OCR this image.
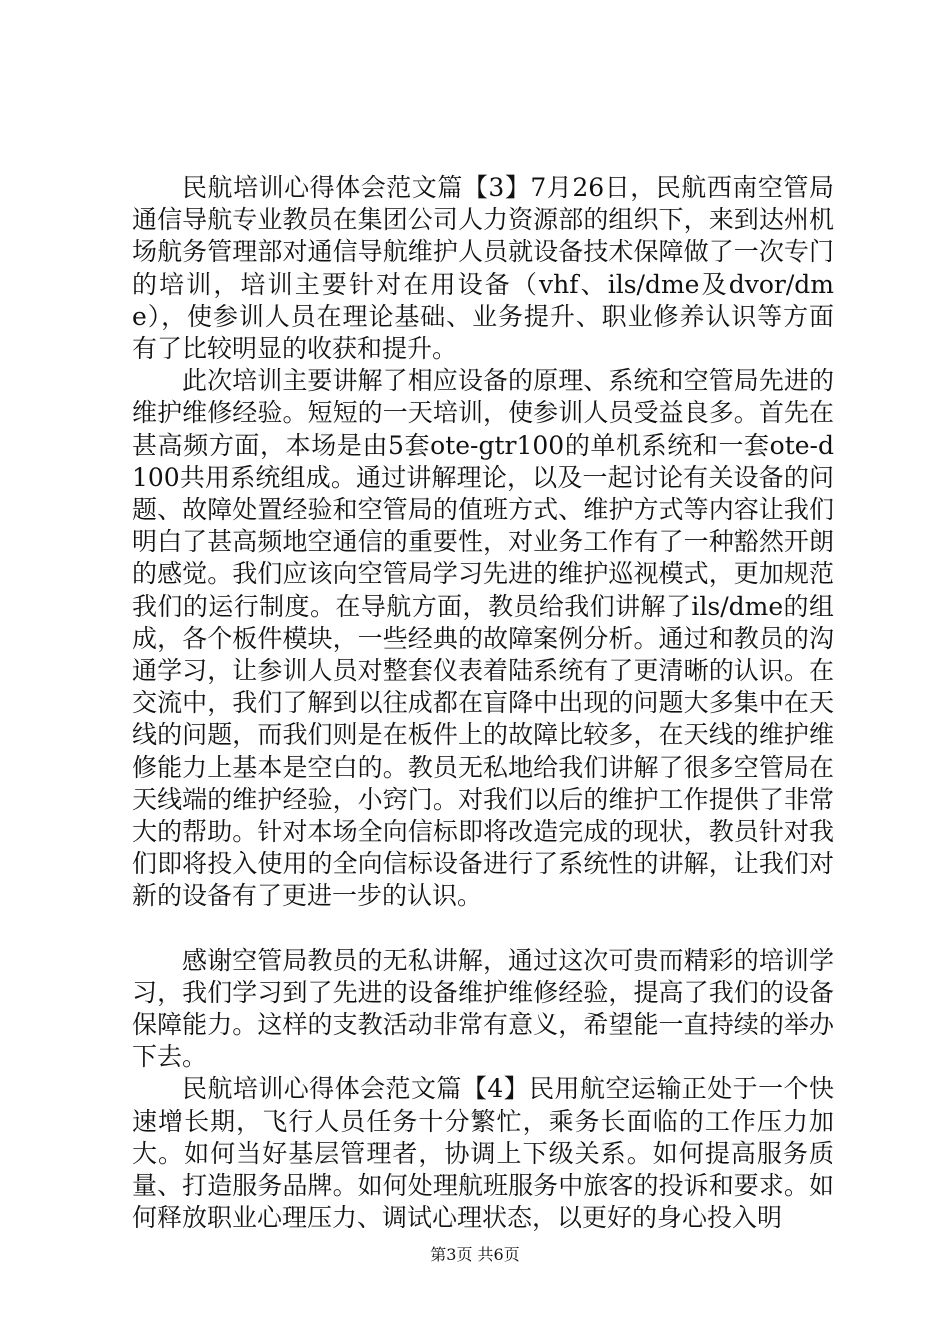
民航培训心得体会范文篇【3】7月26日，民航西南空管局通信导航专业教员在集团公司人力资源部的组织下，来到达州机场航务管理部对通信导航维护人员就设备技术保障做了一次专门的培训，培训主要针对在用设备（vhf、ils/dme及dvor/dme），使参训人员在理论基础、业务提升、职业修养认识等方面有了比较明显的收获和提升。

此次培训主要讲解了相应设备的原理、系统和空管局先进的维护维修经验。短短的一天培训，使参训人员受益良多。首先在甚高频方面，本场是由5套ote-gtr100的单机系统和一套ote-d100共用系统组成。通过讲解理论，以及一起讨论有关设备的问题、故障处置经验和空管局的值班方式、维护方式等内容让我们明白了甚高频地空通信的重要性，对业务工作有了一种豁然开朗的感觉。我们应该向空管局学习先进的维护巡视模式，更加规范我们的运行制度。在导航方面，教员给我们讲解了ils/dme的组成，各个板件模块，一些经典的故障案例分析。通过和教员的沟通学习，让参训人员对整套仪表着陆系统有了更清晰的认识。在交流中，我们了解到以往成都在盲降中出现的问题大多集中在天线的问题，而我们则是在板件上的故障比较多，在天线的维护维修能力上基本是空白的。教员无私地给我们讲解了很多空管局在天线端的维护经验，小窍门。对我们以后的维护工作提供了非常大的帮助。针对本场全向信标即将改造完成的现状，教员针对我们即将投入使用的全向信标设备进行了系统性的讲解，让我们对新的设备有了更进一步的认识。

感谢空管局教员的无私讲解，通过这次可贵而精彩的培训学习，我们学习到了先进的设备维护维修经验，提高了我们的设备保障能力。这样的支教活动非常有意义，希望能一直持续的举办下去。

民航培训心得体会范文篇【4】民用航空运输正处于一个快速增长期，飞行人员任务十分繁忙，乘务长面临的工作压力加大。如何当好基层管理者，协调上下级关系。如何提高服务质量、打造服务品牌。如何处理航班服务中旅客的投诉和要求。如何释放职业心理压力、调试心理状态，以更好的身心投入明

第3页 共6页
